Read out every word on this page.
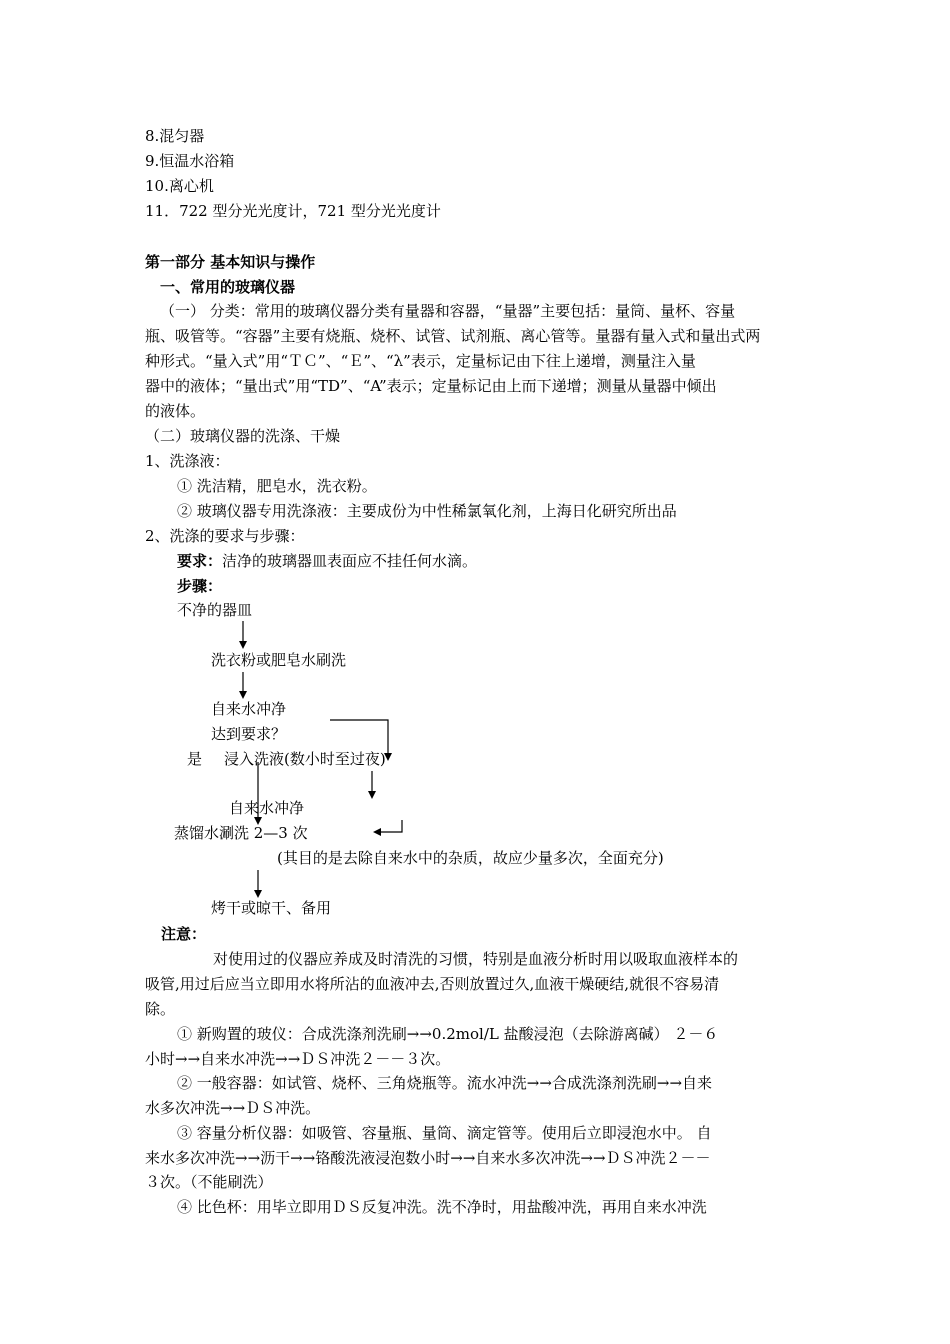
8.混匀器
9.恒温水浴箱
10.离心机
11．722 型分光光度计，721 型分光光度计
第一部分 基本知识与操作
一、常用的玻璃仪器
（一） 分类：常用的玻璃仪器分类有量器和容器，“量器”主要包括：量筒、量杯、容量
瓶、吸管等。“容器”主要有烧瓶、烧杯、试管、试剂瓶、离心管等。量器有量入式和量出式两
种形式。“量入式”用“ＴＣ”、“Ｅ”、“λ”表示，定量标记由下往上递增，测量注入量
器中的液体；“量出式”用“TD”、“A”表示；定量标记由上而下递增；测量从量器中倾出
的液体。
（二）玻璃仪器的洗涤、干燥
1、洗涤液：
① 洗洁精，肥皂水，洗衣粉。
② 玻璃仪器专用洗涤液：主要成份为中性稀氯氧化剂，上海日化研究所出品
2、洗涤的要求与步骤：
要求：洁净的玻璃器皿表面应不挂任何水滴。
步骤：
不净的器皿
洗衣粉或肥皂水刷洗
自来水冲净
达到要求？
是 浸入洗液(数小时至过夜)
自来水冲净
蒸馏水涮洗 2—3 次
(其目的是去除自来水中的杂质，故应少量多次，全面充分)
烤干或晾干、备用
注意：
对使用过的仪器应养成及时清洗的习惯，特别是血液分析时用以吸取血液样本的
吸管,用过后应当立即用水将所沾的血液冲去,否则放置过久,血液干燥硬结,就很不容易清
除。
① 新购置的玻仪：合成洗涤剂洗刷→→0.2mol/L 盐酸浸泡（去除游离碱） ２－６
小时→→自来水冲洗→→ＤＳ冲洗２－－３次。
② 一般容器：如试管、烧杯、三角烧瓶等。流水冲洗→→合成洗涤剂洗刷→→自来
水多次冲洗→→ＤＳ冲洗。
③ 容量分析仪器：如吸管、容量瓶、量筒、滴定管等。使用后立即浸泡水中。 自
来水多次冲洗→→沥干→→铬酸洗液浸泡数小时→→自来水多次冲洗→→ＤＳ冲洗２－－
３次。（不能刷洗）
④ 比色杯：用毕立即用ＤＳ反复冲洗。洗不净时，用盐酸冲洗，再用自来水冲洗
